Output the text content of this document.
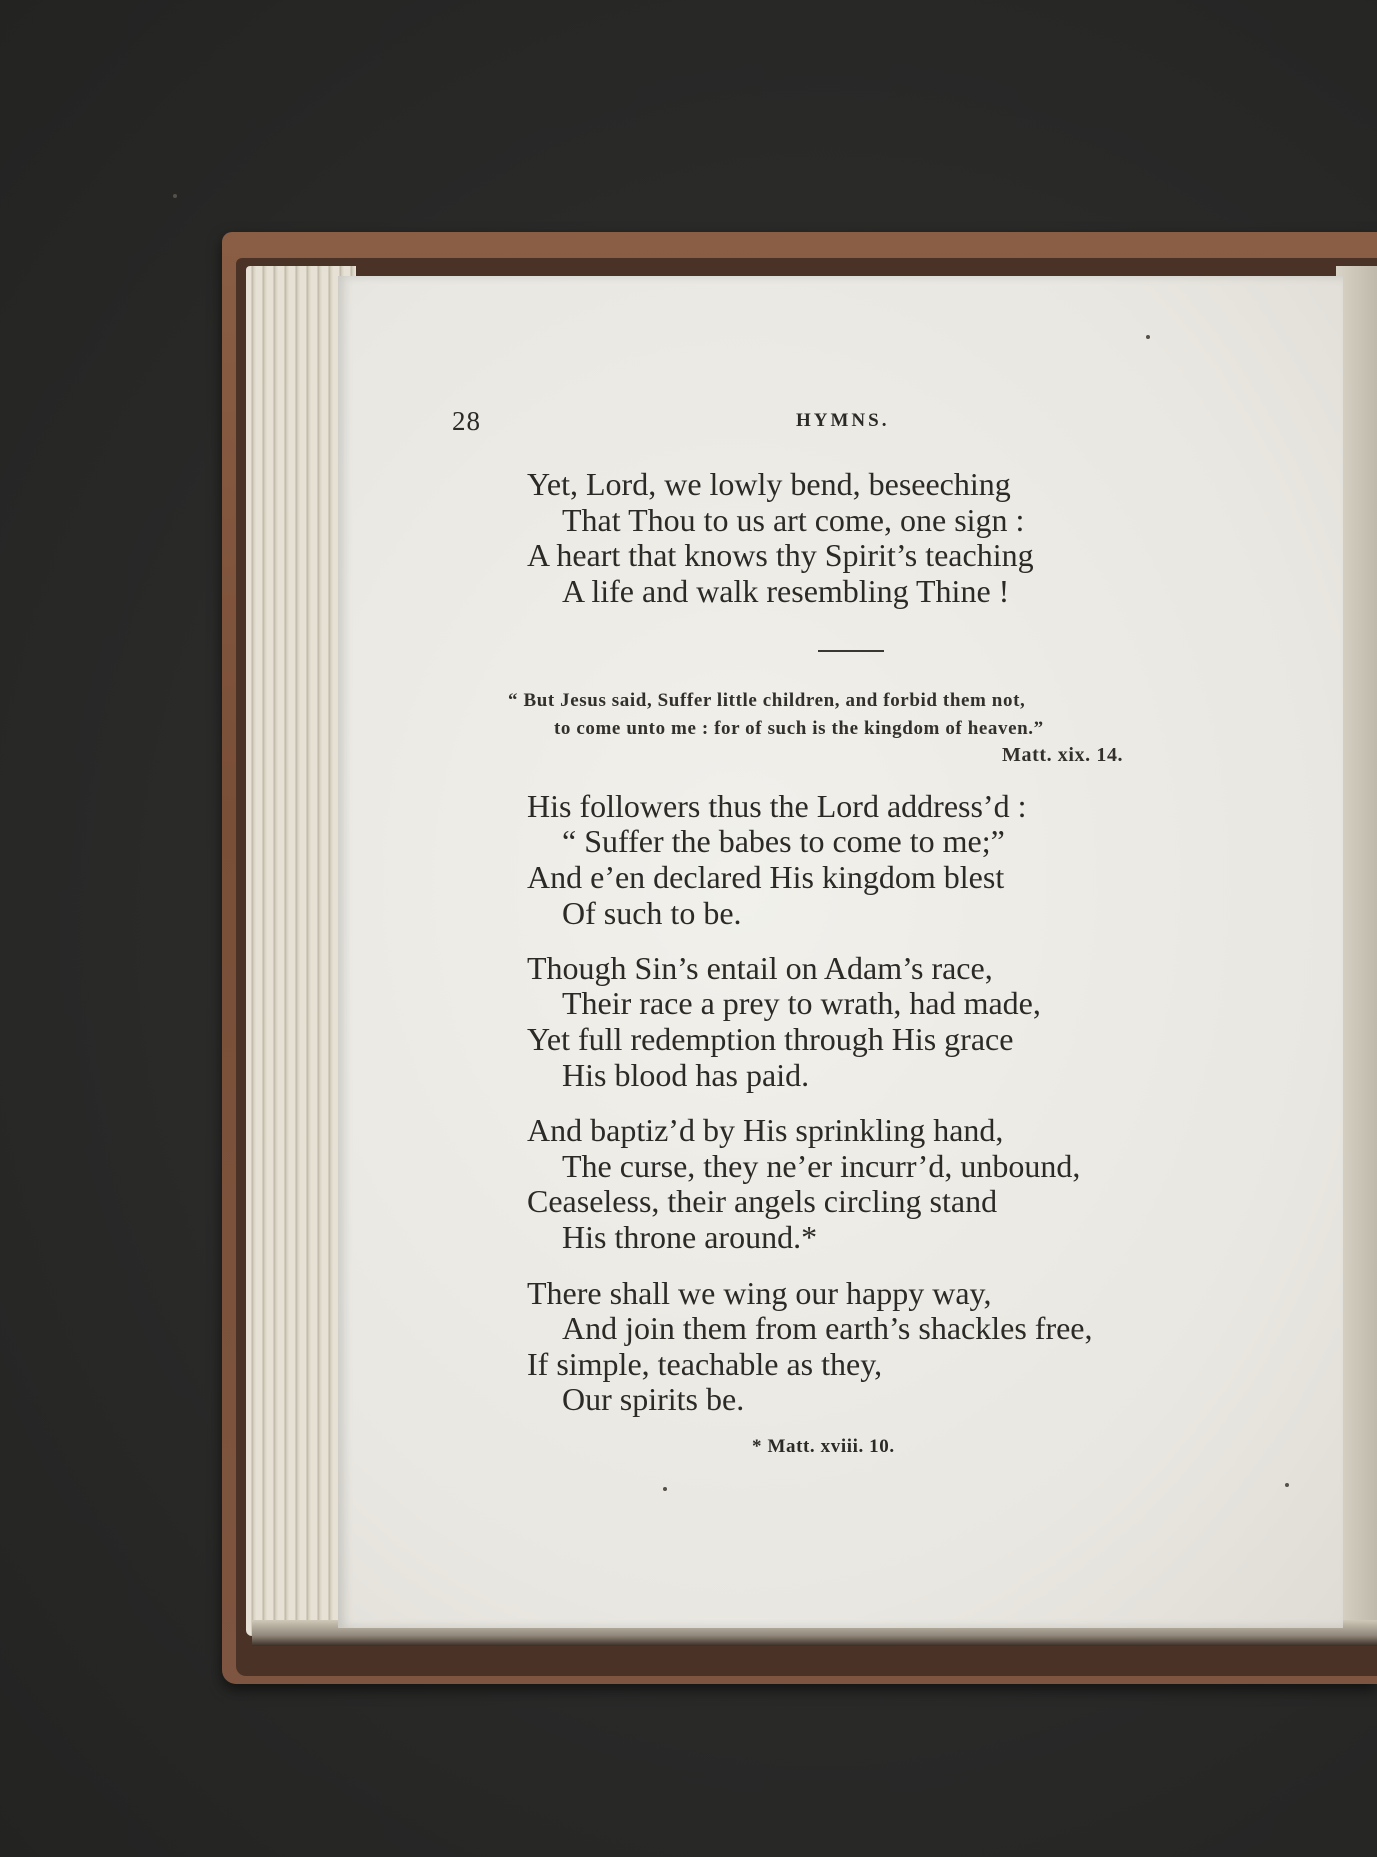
28	HYMNS.
Yet, Lord, we lowly bend, beseeching
That Thou to us art come, one sign :
A heart that knows thy Spirit’s teaching
A life and walk resembling Thine !
“ But Jesus said, Suffer little children, and forbid them not,
to come unto me : for of such is the kingdom of heaven.”
Matt. xix. 14.
His followers thus the Lord address’d :
“ Suffer the babes to come to me;”
And e’en declared His kingdom blest
Of such to be.
Though Sin’s entail on Adam’s race,
Their race a prey to wrath, had made,
Yet full redemption through His grace
His blood has paid.
And baptiz’d by His sprinkling hand,
The curse, they ne’er incurr’d, unbound,
Ceaseless, their angels circling stand
His throne around.*
There shall we wing our happy way,
And join them from earth’s shackles free,
If simple, teachable as they,
Our spirits be.
* Matt. xviii. 10.
